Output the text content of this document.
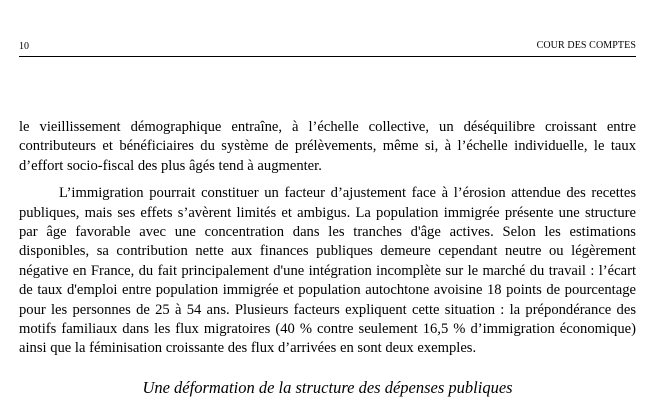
10	COUR DES COMPTES

le vieillissement démographique entraîne, à l’échelle collective, un déséquilibre croissant entre contributeurs et bénéficiaires du système de prélèvements, même si, à l’échelle individuelle, le taux d’effort socio-fiscal des plus âgés tend à augmenter.

L’immigration pourrait constituer un facteur d’ajustement face à l’érosion attendue des recettes publiques, mais ses effets s’avèrent limités et ambigus. La population immigrée présente une structure par âge favorable avec une concentration dans les tranches d'âge actives. Selon les estimations disponibles, sa contribution nette aux finances publiques demeure cependant neutre ou légèrement négative en France, du fait principalement d'une intégration incomplète sur le marché du travail : l’écart de taux d'emploi entre population immigrée et population autochtone avoisine 18 points de pourcentage pour les personnes de 25 à 54 ans. Plusieurs facteurs expliquent cette situation : la prépondérance des motifs familiaux dans les flux migratoires (40 % contre seulement 16,5 % d’immigration économique) ainsi que la féminisation croissante des flux d’arrivées en sont deux exemples.

Une déformation de la structure des dépenses publiques
